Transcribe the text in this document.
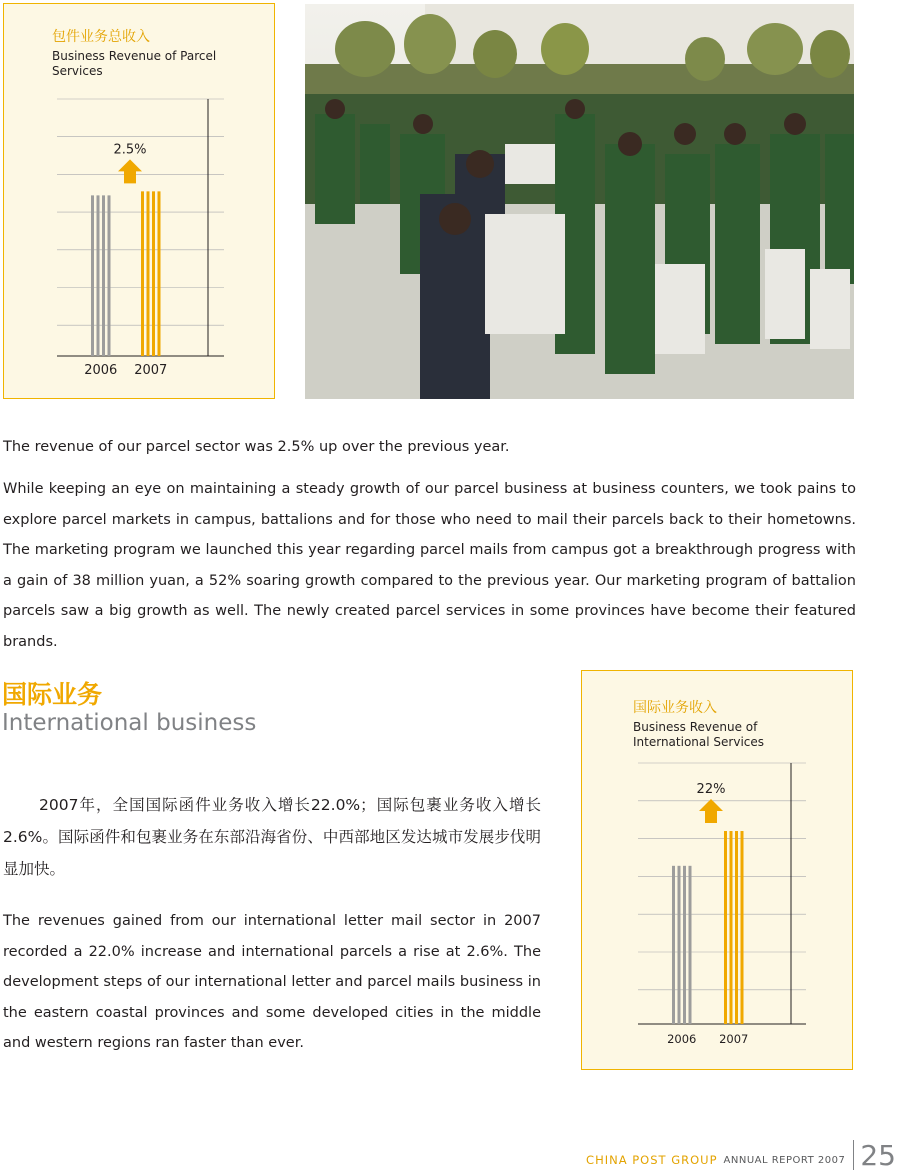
包件业务总收入
Business Revenue of Parcel Services
2006 2007
2.5%

The revenue of our parcel sector was 2.5% up over the previous year.

While keeping an eye on maintaining a steady growth of our parcel business at business counters, we took pains to explore parcel markets in campus, battalions and for those who need to mail their parcels back to their hometowns. The marketing program we launched this year regarding parcel mails from campus got a breakthrough progress with a gain of 38 million yuan, a 52% soaring growth compared to the previous year. Our marketing program of battalion parcels saw a big growth as well. The newly created parcel services in some provinces have become their featured brands.

国际业务
International business

2007年，全国国际函件业务收入增长22.0%；国际包裹业务收入增长2.6%。国际函件和包裹业务在东部沿海省份、中西部地区发达城市发展步伐明显加快。

The revenues gained from our international letter mail sector in 2007 recorded a 22.0% increase and international parcels a rise at 2.6%. The development steps of our international letter and parcel mails business in the eastern coastal provinces and some developed cities in the middle and western regions ran faster than ever.

国际业务收入
Business Revenue of International Services
2006 2007
22%
CHINA POST GROUP ANNUAL REPORT 2007 25
